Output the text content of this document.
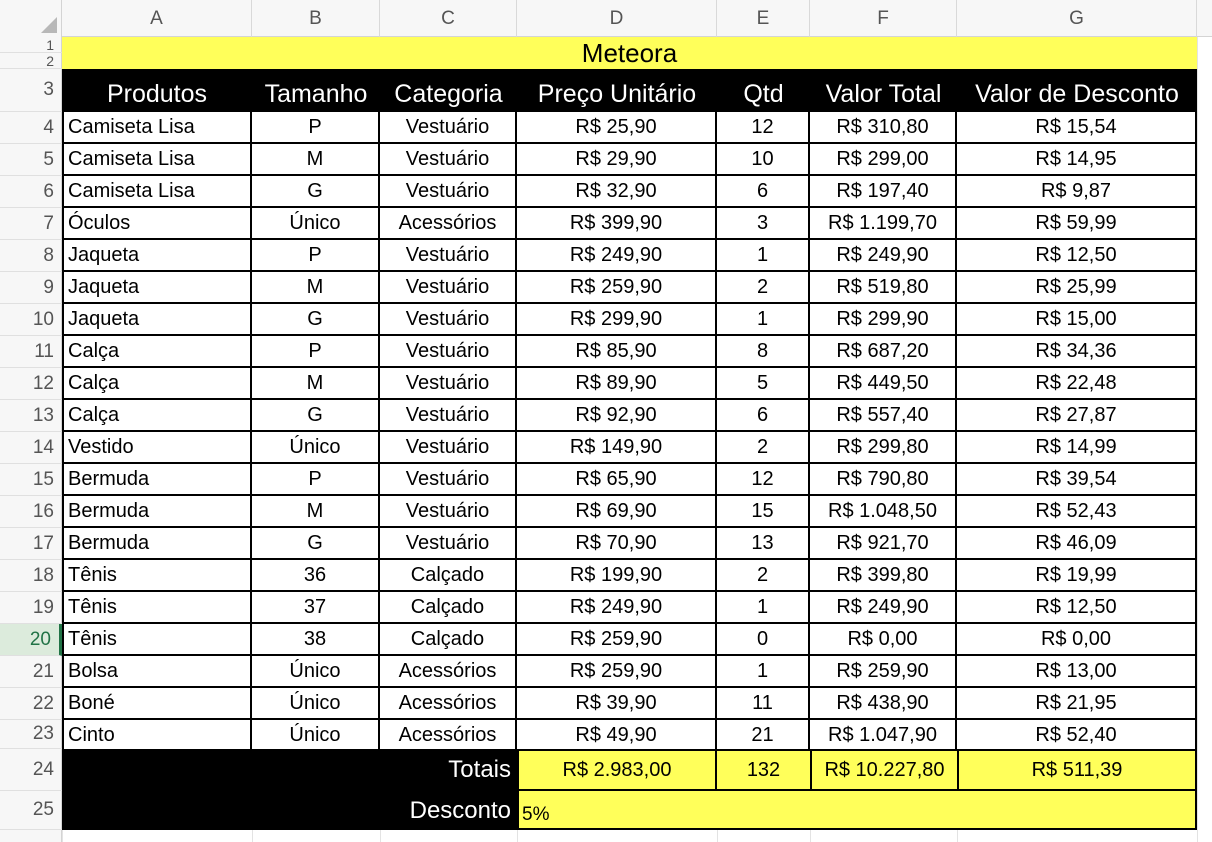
A	B	C	D	E	F	G
1
2
3
4
5
6
7
8
9
10
11
12
13
14
15
16
17
18
19
20
21
22
23
24
25
Meteora
Produtos	Tamanho	Categoria	Preço Unitário	Qtd	Valor Total	Valor de Desconto
Camiseta Lisa	P	Vestuário	R$ 25,90	12	R$ 310,80	R$ 15,54
Camiseta Lisa	M	Vestuário	R$ 29,90	10	R$ 299,00	R$ 14,95
Camiseta Lisa	G	Vestuário	R$ 32,90	6	R$ 197,40	R$ 9,87
Óculos	Único	Acessórios	R$ 399,90	3	R$ 1.199,70	R$ 59,99
Jaqueta	P	Vestuário	R$ 249,90	1	R$ 249,90	R$ 12,50
Jaqueta	M	Vestuário	R$ 259,90	2	R$ 519,80	R$ 25,99
Jaqueta	G	Vestuário	R$ 299,90	1	R$ 299,90	R$ 15,00
Calça	P	Vestuário	R$ 85,90	8	R$ 687,20	R$ 34,36
Calça	M	Vestuário	R$ 89,90	5	R$ 449,50	R$ 22,48
Calça	G	Vestuário	R$ 92,90	6	R$ 557,40	R$ 27,87
Vestido	Único	Vestuário	R$ 149,90	2	R$ 299,80	R$ 14,99
Bermuda	P	Vestuário	R$ 65,90	12	R$ 790,80	R$ 39,54
Bermuda	M	Vestuário	R$ 69,90	15	R$ 1.048,50	R$ 52,43
Bermuda	G	Vestuário	R$ 70,90	13	R$ 921,70	R$ 46,09
Tênis	36	Calçado	R$ 199,90	2	R$ 399,80	R$ 19,99
Tênis	37	Calçado	R$ 249,90	1	R$ 249,90	R$ 12,50
Tênis	38	Calçado	R$ 259,90	0	R$ 0,00	R$ 0,00
Bolsa	Único	Acessórios	R$ 259,90	1	R$ 259,90	R$ 13,00
Boné	Único	Acessórios	R$ 39,90	11	R$ 438,90	R$ 21,95
Cinto	Único	Acessórios	R$ 49,90	21	R$ 1.047,90	R$ 52,40
Totais	R$ 2.983,00	132	R$ 10.227,80	R$ 511,39
Desconto 5%
